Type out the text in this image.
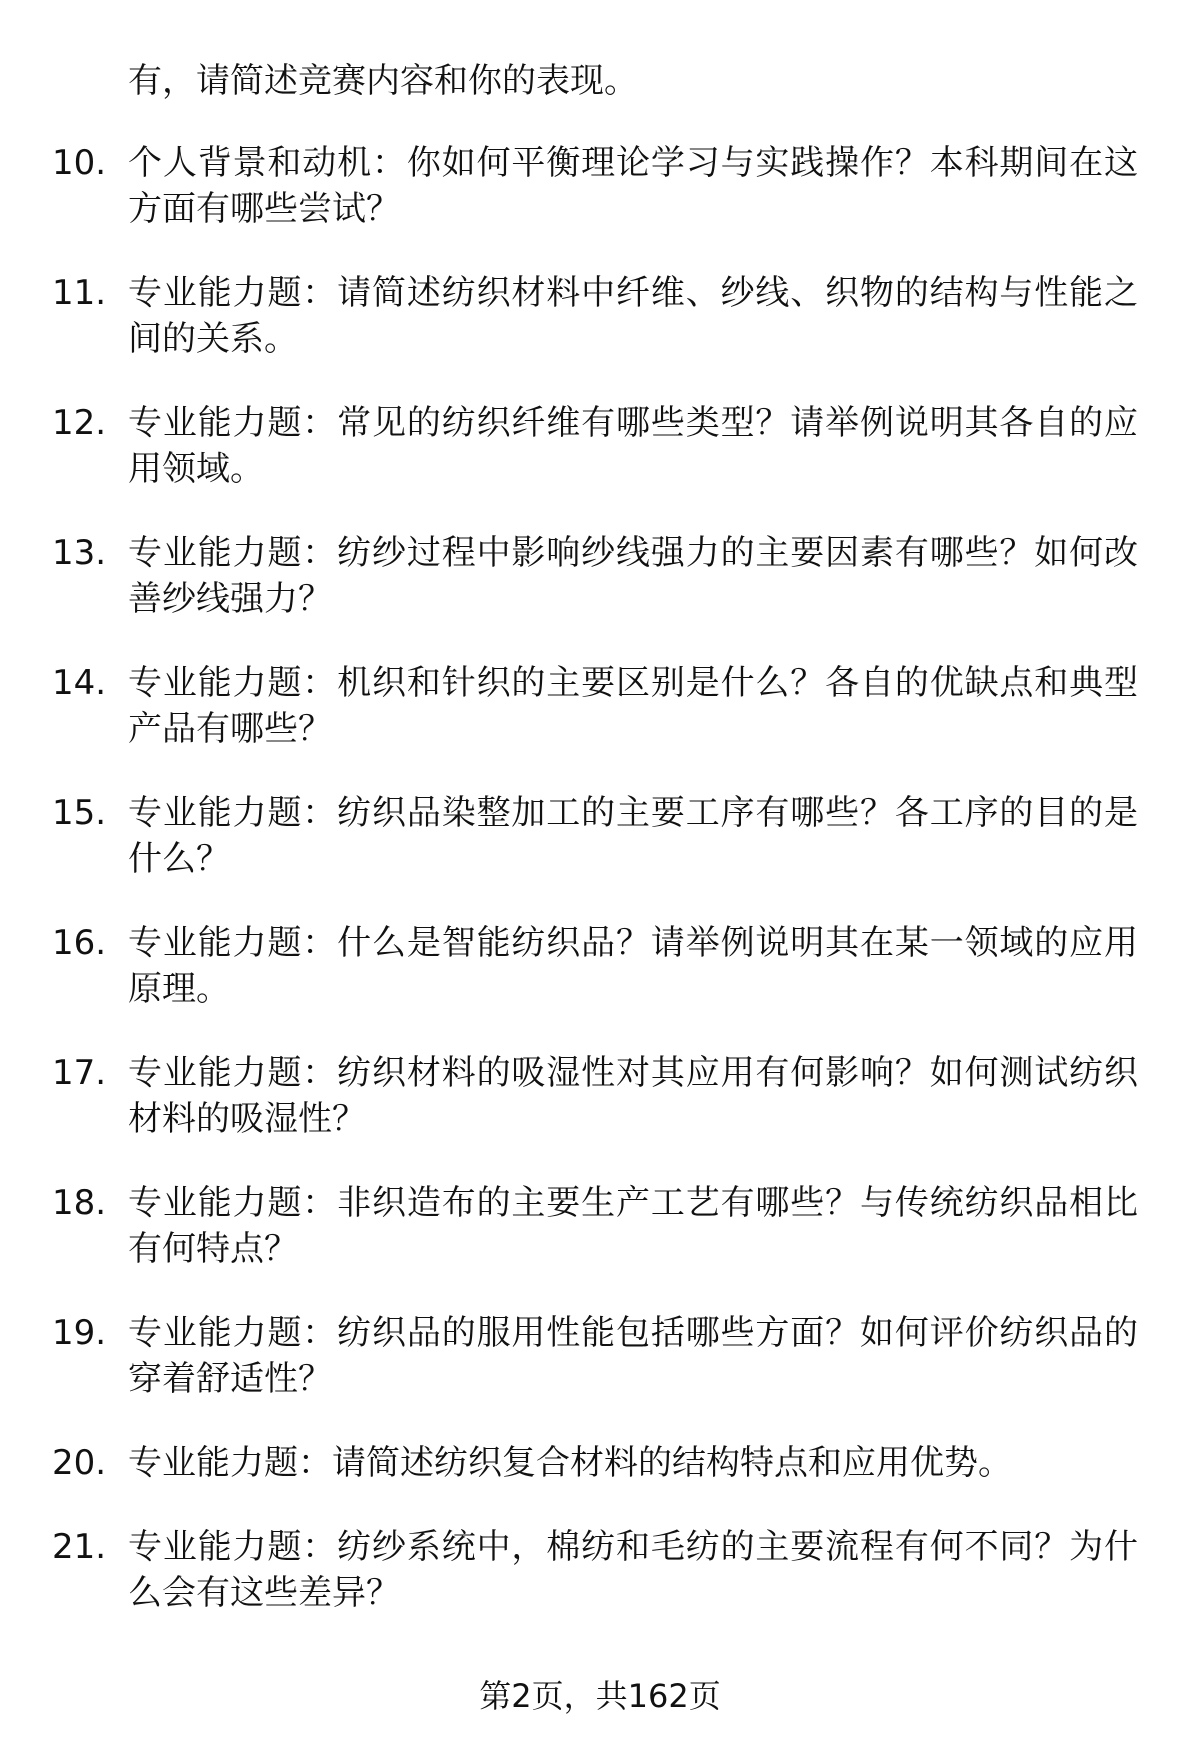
有，请简述竞赛内容和你的表现。

10. 个人背景和动机：你如何平衡理论学习与实践操作？本科期间在这方面有哪些尝试？
11. 专业能力题：请简述纺织材料中纤维、纱线、织物的结构与性能之间的关系。
12. 专业能力题：常见的纺织纤维有哪些类型？请举例说明其各自的应用领域。
13. 专业能力题：纺纱过程中影响纱线强力的主要因素有哪些？如何改善纱线强力？
14. 专业能力题：机织和针织的主要区别是什么？各自的优缺点和典型产品有哪些？
15. 专业能力题：纺织品染整加工的主要工序有哪些？各工序的目的是什么？
16. 专业能力题：什么是智能纺织品？请举例说明其在某一领域的应用原理。
17. 专业能力题：纺织材料的吸湿性对其应用有何影响？如何测试纺织材料的吸湿性？
18. 专业能力题：非织造布的主要生产工艺有哪些？与传统纺织品相比有何特点？
19. 专业能力题：纺织品的服用性能包括哪些方面？如何评价纺织品的穿着舒适性？
20. 专业能力题：请简述纺织复合材料的结构特点和应用优势。
21. 专业能力题：纺纱系统中，棉纺和毛纺的主要流程有何不同？为什么会有这些差异？
第2页，共162页
